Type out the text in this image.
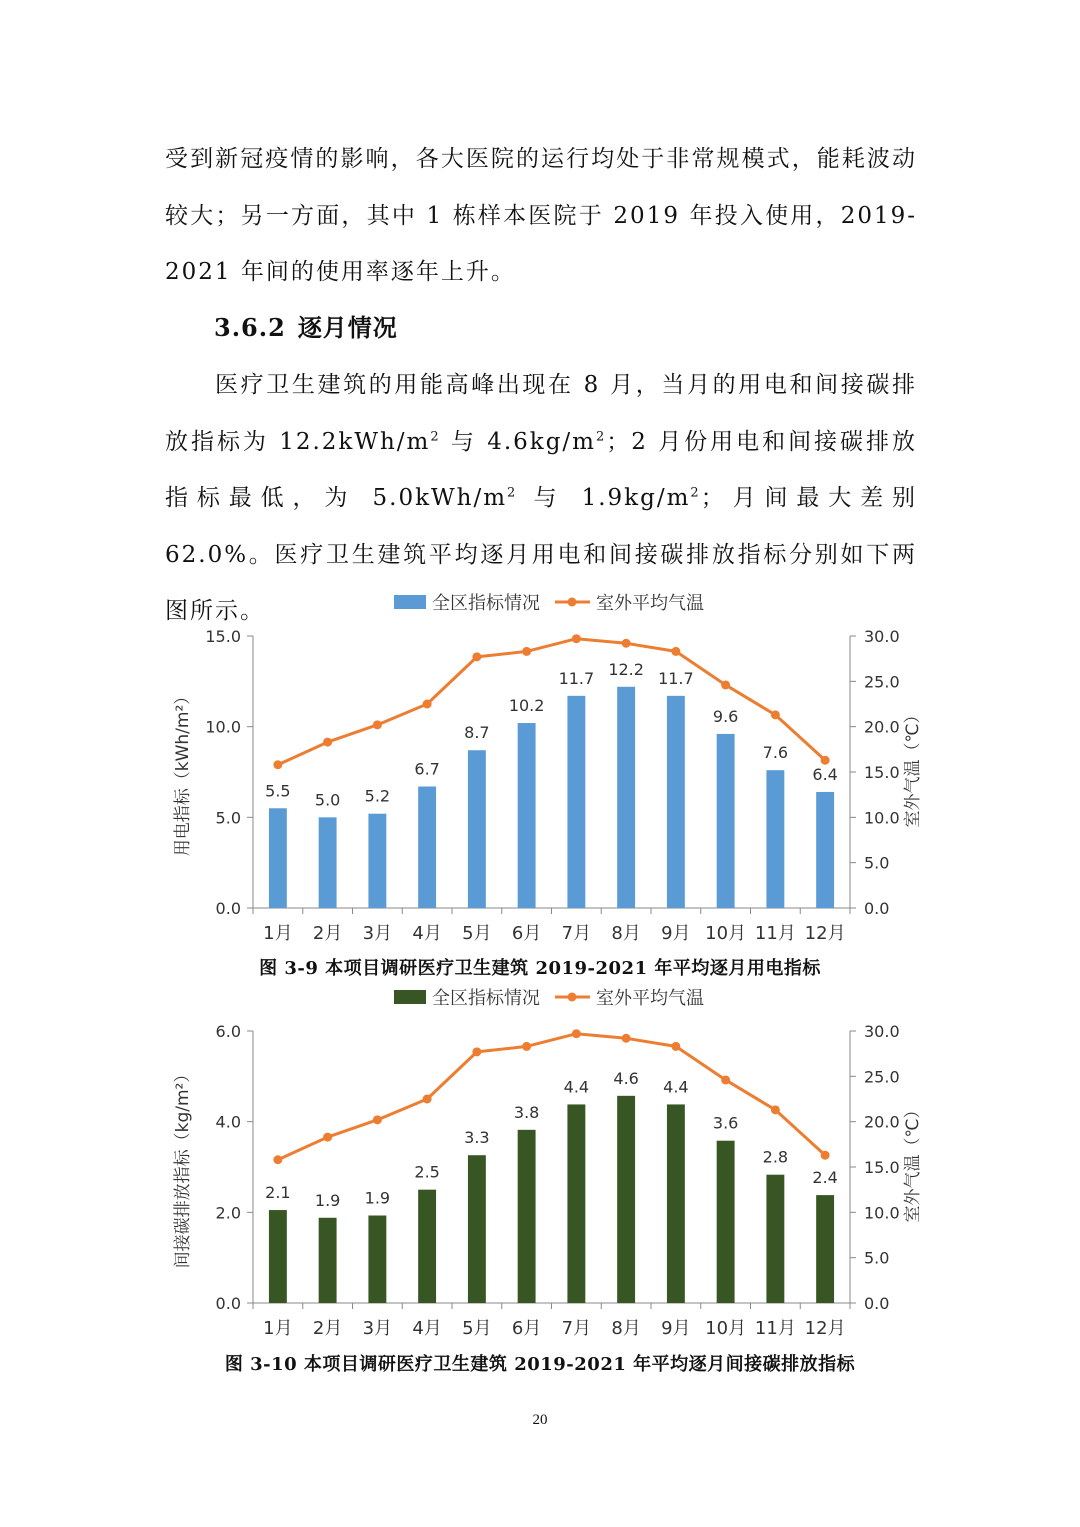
受到新冠疫情的影响，各大医院的运行均处于非常规模式，能耗波动较大；另一方面，其中 1 栋样本医院于 2019 年投入使用，2019-2021 年间的使用率逐年上升。

3.6.2 逐月情况

医疗卫生建筑的用能高峰出现在 8 月，当月的用电和间接碳排放指标为 $12.2kWh/m^2$ 与 $4.6kg/m^2$；2 月份用电和间接碳排放指标最低，为 $5.0kWh/m^2$ 与 $1.9kg/m^2$；月间最大差别 62.0%。医疗卫生建筑平均逐月用电和间接碳排放指标分别如下两图所示。	全区指标情况	室外平均气温
0.0
5.0
10.0
15.0
0.0
5.0
10.0
15.0
20.0
25.0
30.0
1月 2月 3月 4月 5月 6月 7月 8月 9月 10月 11月 12月
用电指标（kWh/m²）	室外气温（℃）
5.5 5.0 5.2
6.7
8.7
10.2
11.7 12.2 11.7
9.6
7.6
6.4
图 3-9 本项目调研医疗卫生建筑 2019-2021 年平均逐月用电指标
全区指标情况	室外平均气温
0.0
2.0
4.0
6.0
0.0
5.0
10.0
15.0
20.0
25.0
30.0
1月 2月 3月 4月 5月 6月 7月 8月 9月 10月 11月 12月
间接碳排放指标（kg/m²）	室外气温（℃）
2.1 1.9 1.9
2.5
3.3
3.8
4.4 4.6 4.4
3.6
2.8
2.4
图 3-10 本项目调研医疗卫生建筑 2019-2021 年平均逐月间接碳排放指标
20
